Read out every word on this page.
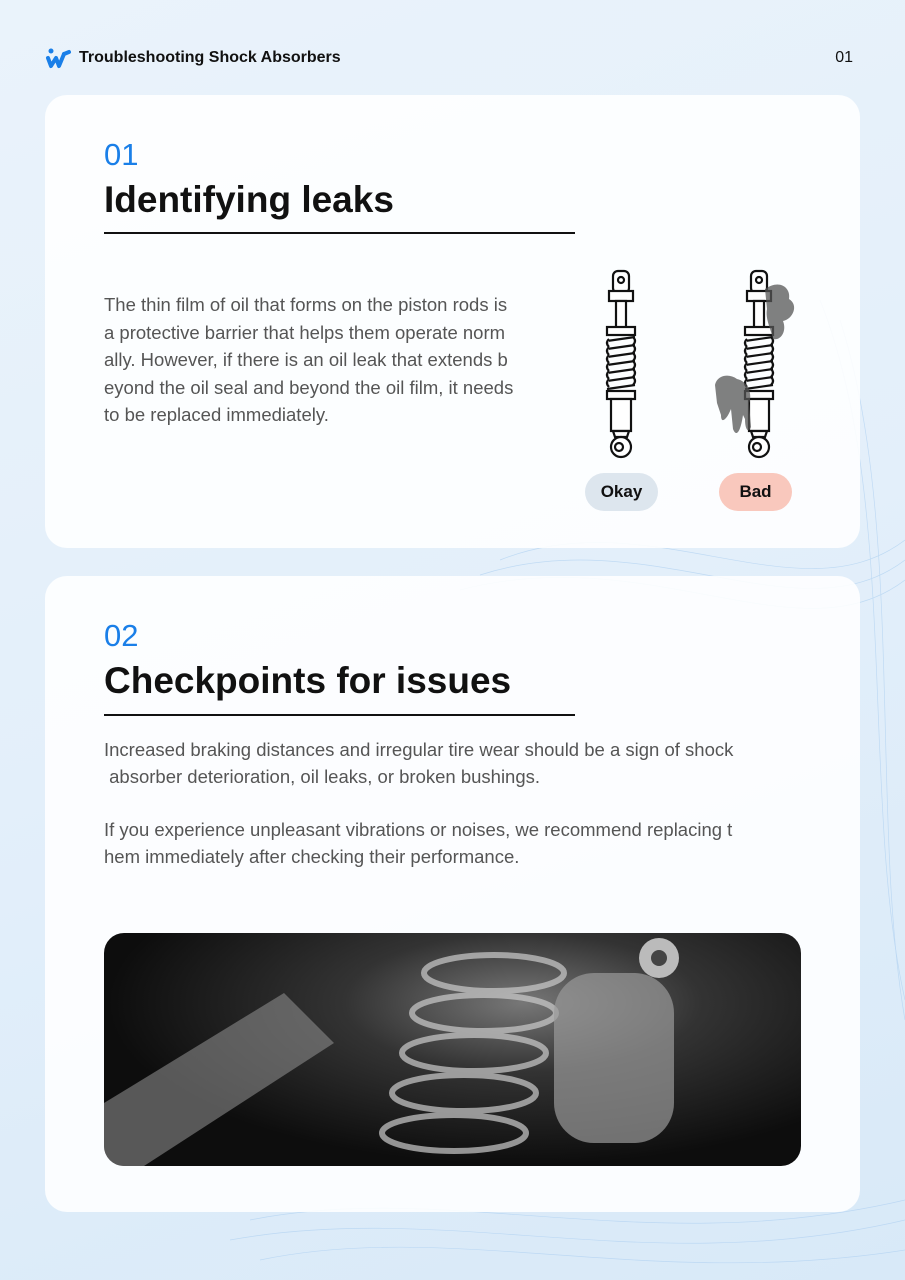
Troubleshooting Shock Absorbers	01
01
Identifying leaks
The thin film of oil that forms on the piston rods is
a protective barrier that helps them operate norm
ally. However, if there is an oil leak that extends b
eyond the oil seal and beyond the oil film, it needs
to be replaced immediately.
Okay	Bad
02
Checkpoints for issues
Increased braking distances and irregular tire wear should be a sign of shock
absorber deterioration, oil leaks, or broken bushings.
If you experience unpleasant vibrations or noises, we recommend replacing t
hem immediately after checking their performance.
